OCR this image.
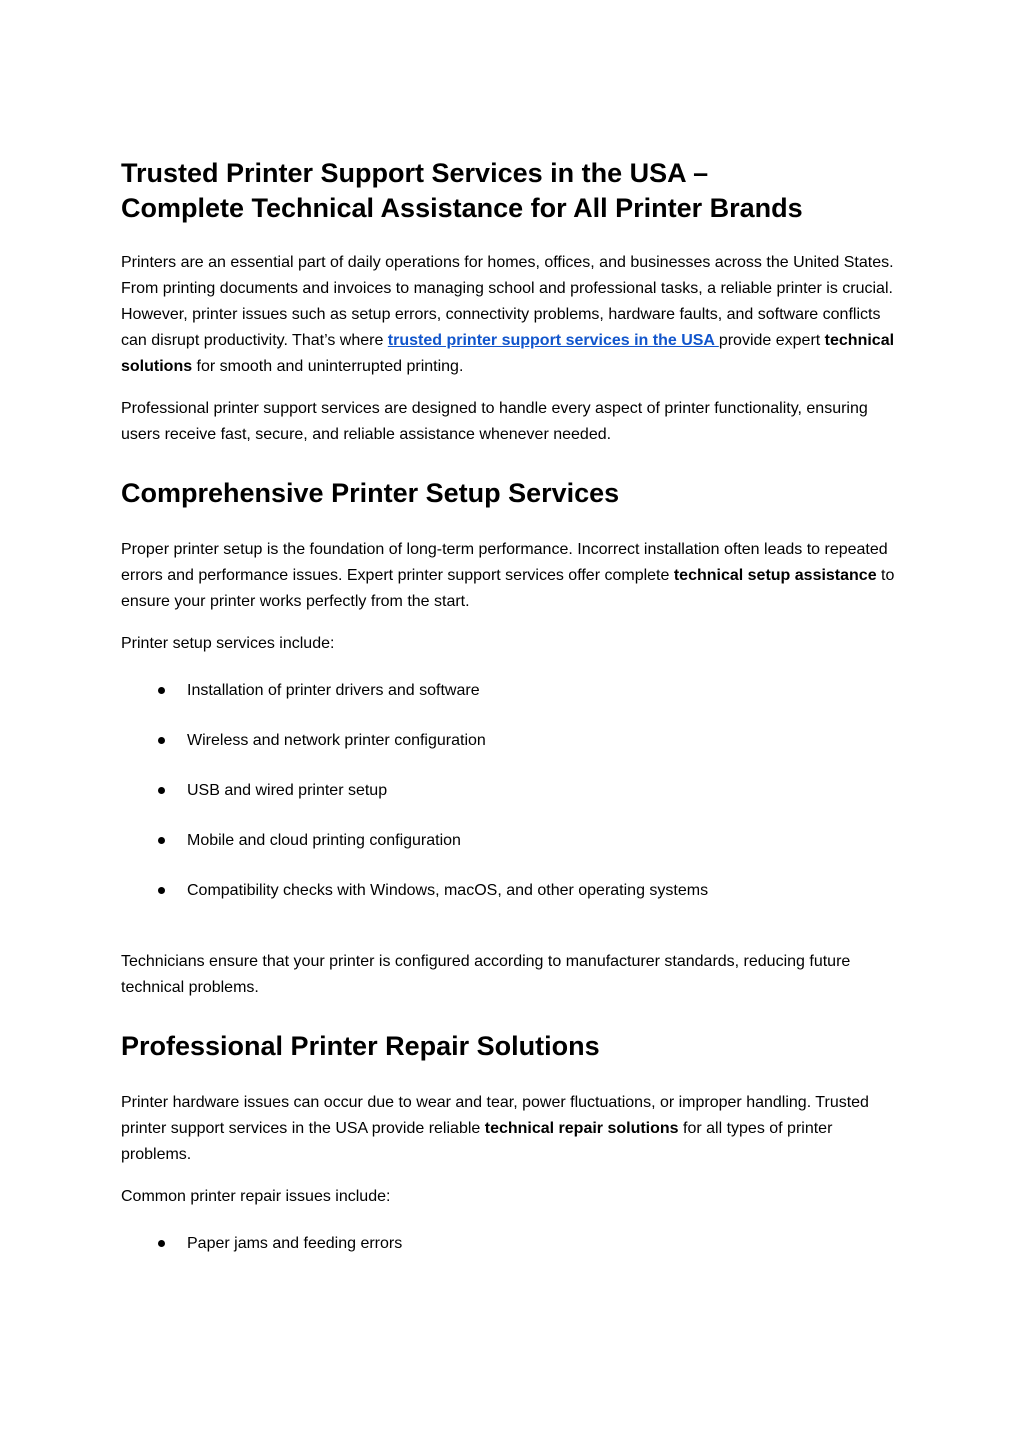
Trusted Printer Support Services in the USA –
Complete Technical Assistance for All Printer Brands

Printers are an essential part of daily operations for homes, offices, and businesses across the United States. From printing documents and invoices to managing school and professional tasks, a reliable printer is crucial. However, printer issues such as setup errors, connectivity problems, hardware faults, and software conflicts can disrupt productivity. That’s where trusted printer support services in the USA provide expert technical solutions for smooth and uninterrupted printing.

Professional printer support services are designed to handle every aspect of printer functionality, ensuring users receive fast, secure, and reliable assistance whenever needed.

Comprehensive Printer Setup Services

Proper printer setup is the foundation of long-term performance. Incorrect installation often leads to repeated errors and performance issues. Expert printer support services offer complete technical setup assistance to ensure your printer works perfectly from the start.

Printer setup services include:

Installation of printer drivers and software
Wireless and network printer configuration
USB and wired printer setup
Mobile and cloud printing configuration
Compatibility checks with Windows, macOS, and other operating systems

Technicians ensure that your printer is configured according to manufacturer standards, reducing future technical problems.

Professional Printer Repair Solutions

Printer hardware issues can occur due to wear and tear, power fluctuations, or improper handling. Trusted printer support services in the USA provide reliable technical repair solutions for all types of printer problems.

Common printer repair issues include:

Paper jams and feeding errors
